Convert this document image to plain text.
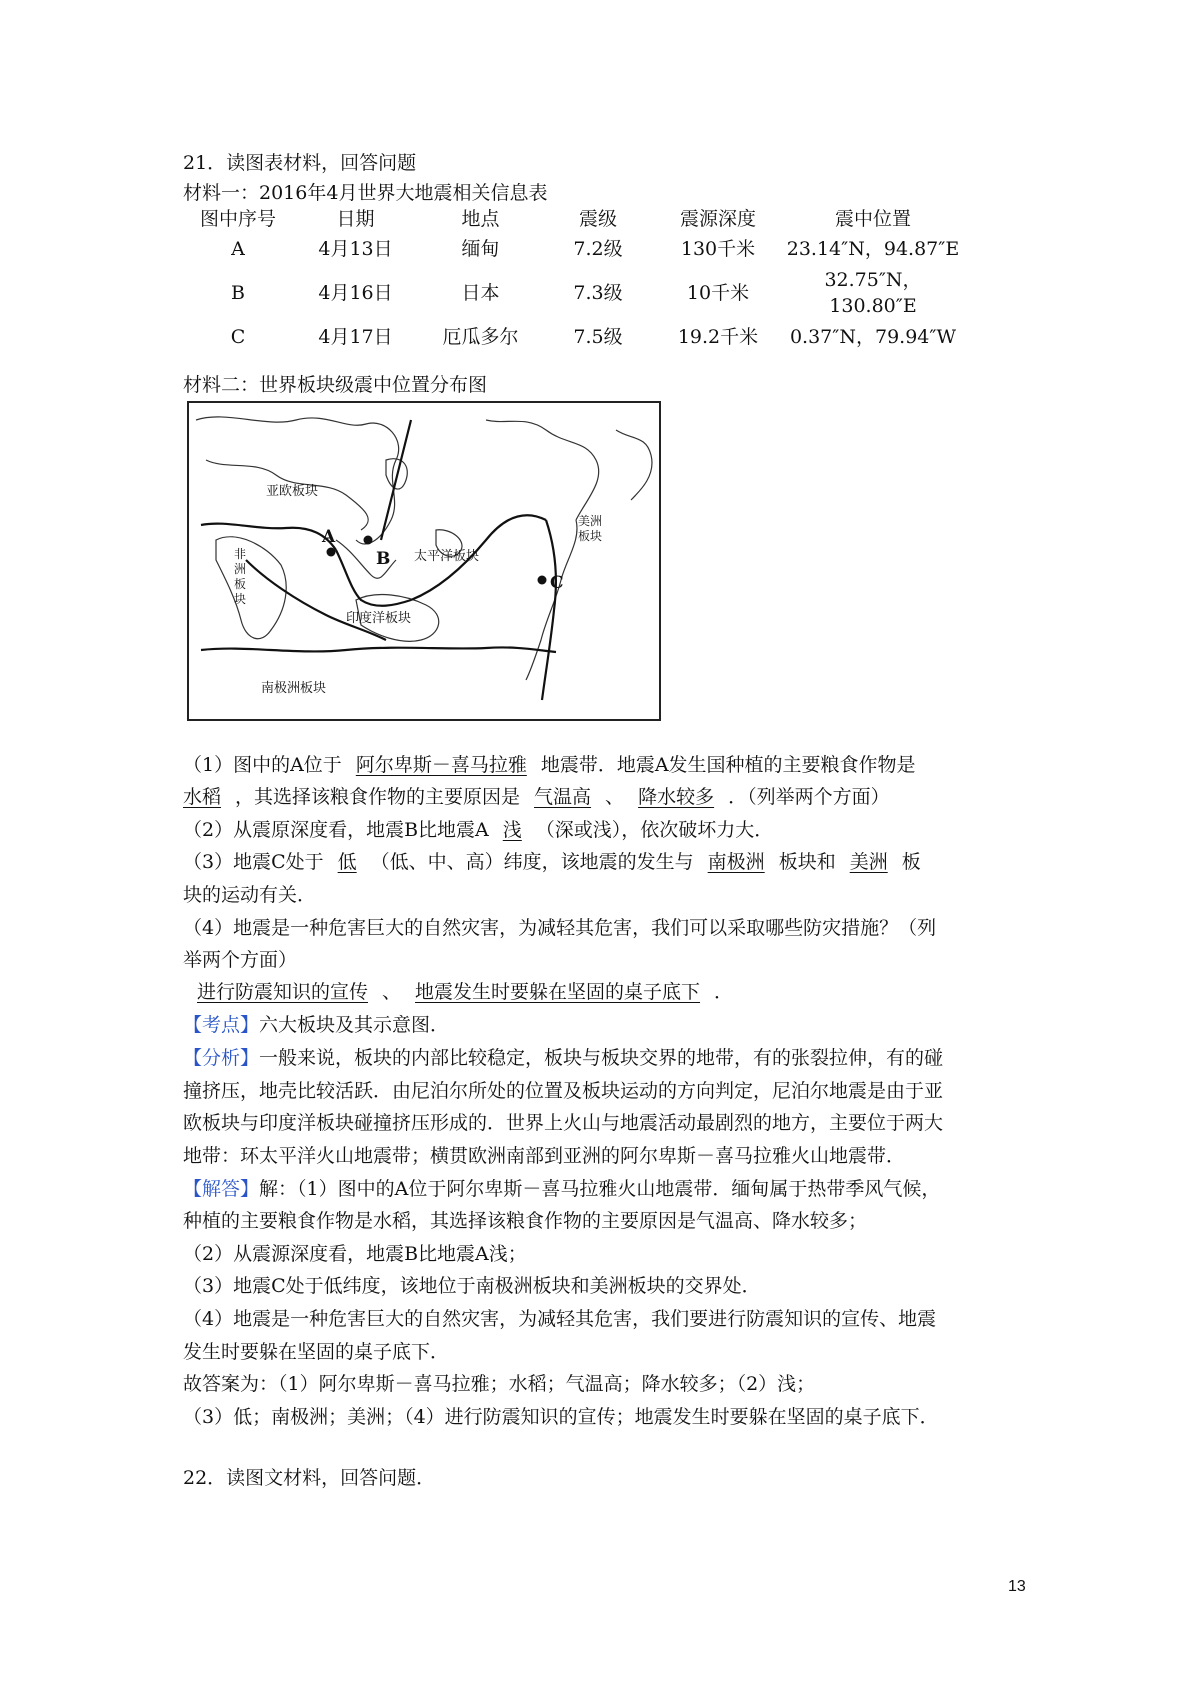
21．读图表材料，回答问题
材料一：2016年4月世界大地震相关信息表
图中序号	日期	地点	震级	震源深度	震中位置
A	4月13日	缅甸	7.2级	130千米	23.14″N，94.87″E
B	4月16日	日本	7.3级	10千米	32.75″N，
130.80″E

C	4月17日	厄瓜多尔	7.5级	19.2千米	0.37″N，79.94″W
材料二：世界板块级震中位置分布图
亚欧板块
非 洲 板 块
太平洋板块
美洲 板块
印度洋板块
南极洲板块
A
B
C
（1）图中的A位于 阿尔卑斯－喜马拉雅 地震带．地震A发生国种植的主要粮食作物是
水稻 ，其选择该粮食作物的主要原因是 气温高 、 降水较多 ．（列举两个方面）
（2）从震原深度看，地震B比地震A 浅 （深或浅），依次破坏力大．
（3）地震C处于 低 （低、中、高）纬度，该地震的发生与 南极洲 板块和 美洲 板
块的运动有关．
（4）地震是一种危害巨大的自然灾害，为减轻其危害，我们可以采取哪些防灾措施？（列
举两个方面）
进行防震知识的宣传 、 地震发生时要躲在坚固的桌子底下 ．
【考点】六大板块及其示意图．
【分析】一般来说，板块的内部比较稳定，板块与板块交界的地带，有的张裂拉伸，有的碰
撞挤压，地壳比较活跃．由尼泊尔所处的位置及板块运动的方向判定，尼泊尔地震是由于亚
欧板块与印度洋板块碰撞挤压形成的．世界上火山与地震活动最剧烈的地方，主要位于两大
地带：环太平洋火山地震带；横贯欧洲南部到亚洲的阿尔卑斯－喜马拉雅火山地震带．
【解答】解：（1）图中的A位于阿尔卑斯－喜马拉雅火山地震带．缅甸属于热带季风气候，
种植的主要粮食作物是水稻，其选择该粮食作物的主要原因是气温高、降水较多；
（2）从震源深度看，地震B比地震A浅；
（3）地震C处于低纬度，该地位于南极洲板块和美洲板块的交界处．
（4）地震是一种危害巨大的自然灾害，为减轻其危害，我们要进行防震知识的宣传、地震
发生时要躲在坚固的桌子底下．
故答案为：（1）阿尔卑斯－喜马拉雅；水稻；气温高；降水较多；（2）浅；
（3）低；南极洲；美洲；（4）进行防震知识的宣传；地震发生时要躲在坚固的桌子底下．
22．读图文材料，回答问题．
13
